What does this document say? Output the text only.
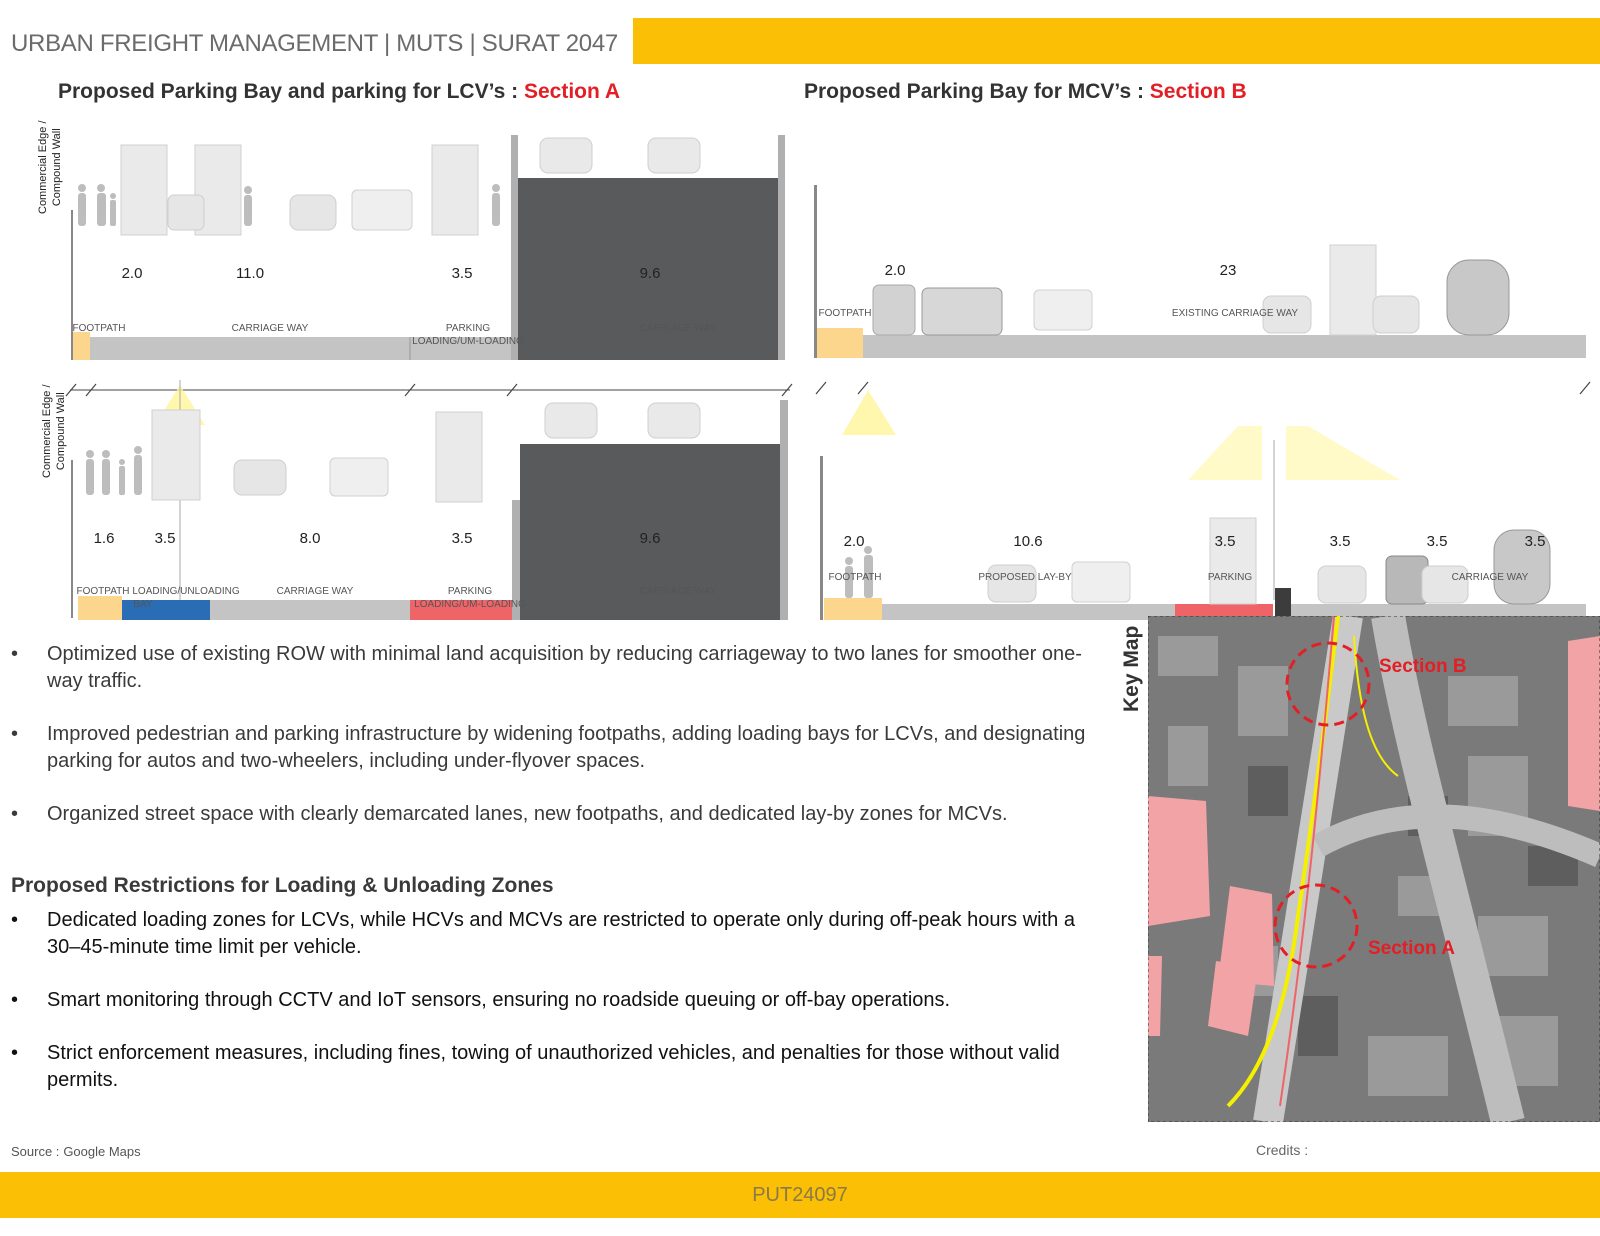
URBAN FREIGHT MANAGEMENT | MUTS | SURAT 2047
Proposed Parking Bay and parking for LCV’s : Section A	Proposed Parking Bay for MCV’s : Section B
Commercial Edge / Compound Wall
Commercial Edge / Compound Wall
2.0	11.0	3.5	9.6
FOOTPATH	CARRIAGE WAY	PARKING
LOADING/UM-LOADING
CARRIAGE WAY
1.6	3.5	8.0	3.5	9.6
FOOTPATH LOADING/UNLOADING
BAY
CARRIAGE WAY	PARKING
LOADING/UM-LOADING
CARRIAGE WAY
2.0	23
FOOTPATH	EXISTING CARRIAGE WAY
2.0	10.6	3.5	3.5	3.5	3.5
FOOTPATH	PROPOSED LAY-BY	PARKING	CARRIAGE WAY
• Optimized use of existing ROW with minimal land acquisition by reducing carriageway to two lanes for smoother one-way traffic.
• Improved pedestrian and parking infrastructure by widening footpaths, adding loading bays for LCVs, and designating parking for autos and two-wheelers, including under-flyover spaces.
• Organized street space with clearly demarcated lanes, new footpaths, and dedicated lay-by zones for MCVs.
Proposed Restrictions for Loading & Unloading Zones
• Dedicated loading zones for LCVs, while HCVs and MCVs are restricted to operate only during off-peak hours with a 30–45-minute time limit per vehicle.
• Smart monitoring through CCTV and IoT sensors, ensuring no roadside queuing or off-bay operations.
• Strict enforcement measures, including fines, towing of unauthorized vehicles, and penalties for those without valid permits.
Key Map	Section B
Section A
Source : Google Maps	Credits :
PUT24097
